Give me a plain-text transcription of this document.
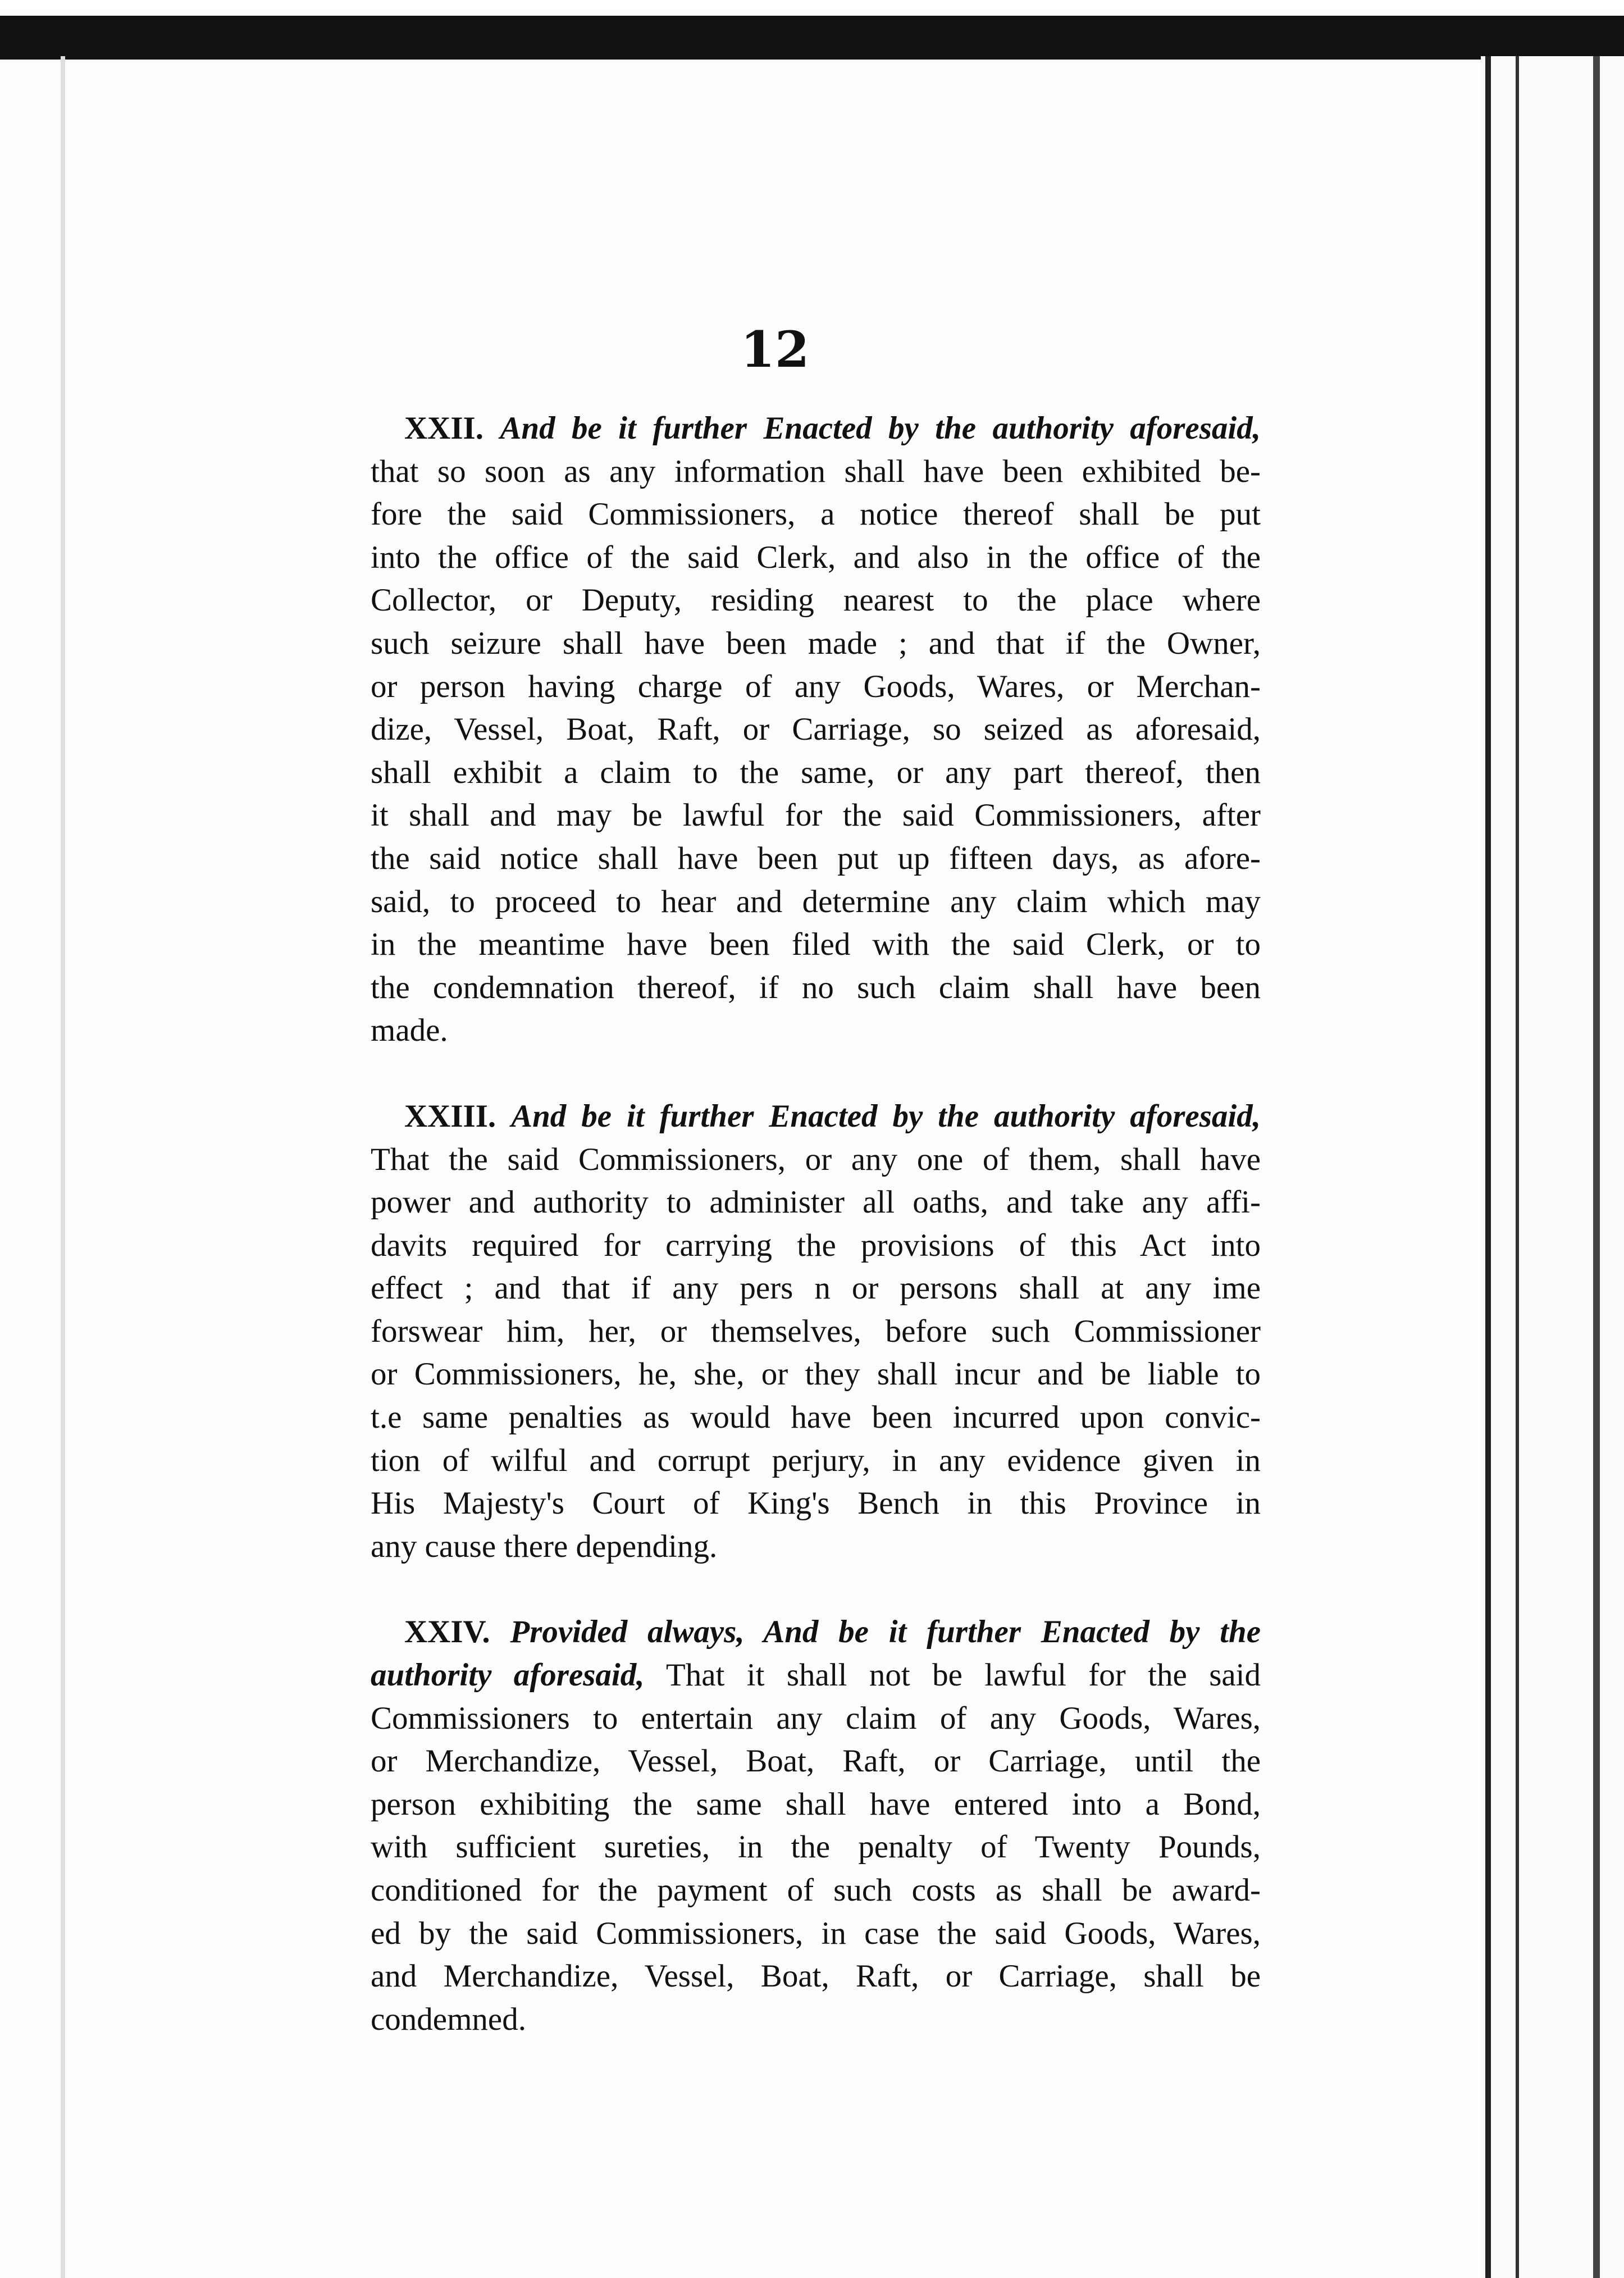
12
XXII. And be it further Enacted by the authority aforesaid,
that so soon as any information shall have been exhibited be-
fore the said Commissioners, a notice thereof shall be put
into the office of the said Clerk, and also in the office of the
Collector, or Deputy, residing nearest to the place where
such seizure shall have been made ; and that if the Owner,
or person having charge of any Goods, Wares, or Merchan-
dize, Vessel, Boat, Raft, or Carriage, so seized as aforesaid,
shall exhibit a claim to the same, or any part thereof, then
it shall and may be lawful for the said Commissioners, after
the said notice shall have been put up fifteen days, as afore-
said, to proceed to hear and determine any claim which may
in the meantime have been filed with the said Clerk, or to
the condemnation thereof, if no such claim shall have been
made.
XXIII. And be it further Enacted by the authority aforesaid,
That the said Commissioners, or any one of them, shall have
power and authority to administer all oaths, and take any affi-
davits required for carrying the provisions of this Act into
effect ; and that if any pers n or persons shall at any ime
forswear him, her, or themselves, before such Commissioner
or Commissioners, he, she, or they shall incur and be liable to
t.e same penalties as would have been incurred upon convic-
tion of wilful and corrupt perjury, in any evidence given in
His Majesty's Court of King's Bench in this Province in
any cause there depending.
XXIV. Provided always, And be it further Enacted by the
authority aforesaid, That it shall not be lawful for the said
Commissioners to entertain any claim of any Goods, Wares,
or Merchandize, Vessel, Boat, Raft, or Carriage, until the
person exhibiting the same shall have entered into a Bond,
with sufficient sureties, in the penalty of Twenty Pounds,
conditioned for the payment of such costs as shall be award-
ed by the said Commissioners, in case the said Goods, Wares,
and Merchandize, Vessel, Boat, Raft, or Carriage, shall be
condemned.
